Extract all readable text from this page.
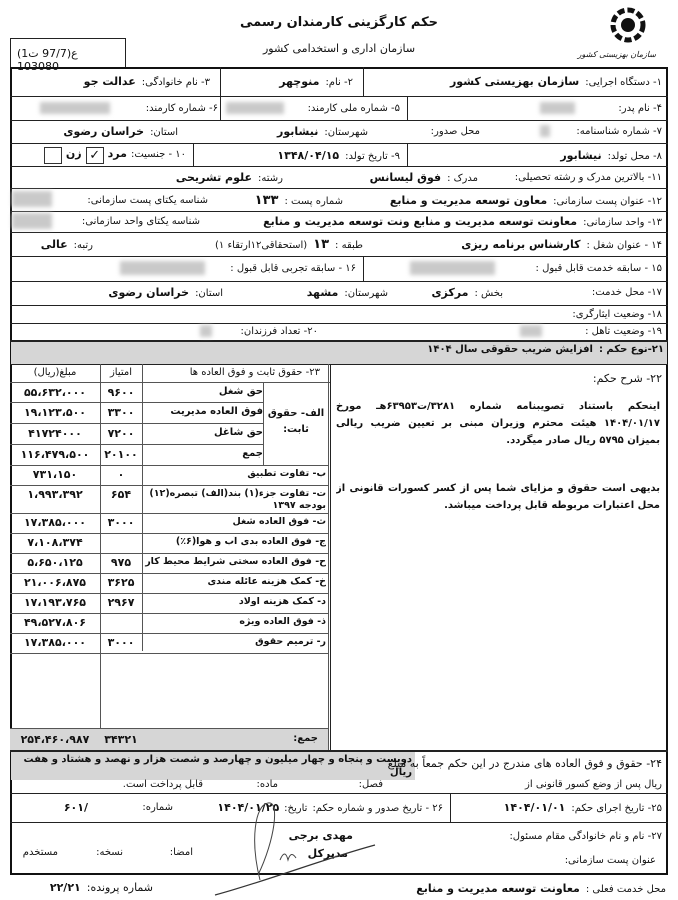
سازمان بهزیستی کشور
حکم کارگزینی کارمندان رسمی
سازمان اداری و استخدامی کشور
ع(97/7 ت1) 103080
۱- دستگاه اجرایی:
سازمان بهزیستی کشور
۲- نام:
منوچهر
۳- نام خانوادگی:
عدالت جو
۴- نام پدر:
۵- شماره ملی کارمند:
۶- شماره کارمند:
۷- شماره شناسنامه:
محل صدور:
شهرستان:
نیشابور
استان:
خراسان رضوی
۸- محل تولد:
نیشابور
۹- تاریخ تولد:
۱۳۴۸/۰۴/۱۵
۱۰ - جنسیت:
مرد
✓
زن
۱۱- بالاترین مدرک و رشته تحصیلی:
مدرک :
فوق لیسانس
رشته:
علوم تشریحی
۱۲- عنوان پست سازمانی:
معاون توسعه مدیریت و منابع
شماره پست :
۱۳۳
شناسه یکتای پست سازمانی:
۱۳- واحد سازمانی:
معاونت توسعه مدیریت و منابع ونت توسعه مدیریت و منابع
شناسه یکتای واحد سازمانی:
۱۴ - عنوان شغل :
کارشناس برنامه ریزی
طبقه :
۱۳
(استحقاقی۱۲ارتقاء ۱)
رتبه:
عالی
۱۵ - سابقه خدمت قابل قبول :
۱۶ - سابقه تجربی قابل قبول :
۱۷- محل خدمت:
بخش :
مرکزی
شهرستان:
مشهد
استان:
خراسان رضوی
۱۸- وضعیت ایثارگری:
۱۹- وضعیت تاهل :
۲۰- تعداد فرزندان:
۲۱-نوع حکم :
افزایش ضریب حقوقی سال ۱۴۰۴
۲۲- شرح حکم:
اینحکم باستناد تصویبنامه شماره ۳۲۸۱/ت۶۳۹۵۳هـ مورخ ۱۴۰۴/۰۱/۱۷ هیئت محترم وزیران مبنی بر تعیین ضریب ریالی بمیزان ۵۷۹۵ ریال صادر میگردد.
بدیهی است حقوق و مزایای شما پس از کسر کسورات قانونی از محل اعتبارات مربوطه قابل پرداخت میباشد.
۲۳- حقوق ثابت و فوق العاده ها
امتیاز
مبلغ(ریال)
الف- حقوق ثابت:
حق شغل
۹۶۰۰
۵۵،۶۳۲،۰۰۰
فوق العاده مدیریت
۳۳۰۰
۱۹،۱۲۳،۵۰۰
حق شاغل
۷۲۰۰
۴۱۷۲۴۰۰۰
جمع
۲۰۱۰۰
۱۱۶،۴۷۹،۵۰۰
ب- تفاوت تطبیق
۰
۷۳۱،۱۵۰
ت- تفاوت جزء(۱) بند(الف) تبصره(۱۲) بودجه ۱۳۹۷
۶۵۴
۱،۹۹۳،۳۹۲
ث- فوق العاده شغل
۳۰۰۰
۱۷،۳۸۵،۰۰۰
ج- فوق العاده بدی آب و هوا(۶٪)
۷،۱۰۸،۳۷۴
ح- فوق العاده سختی شرایط محیط کار
۹۷۵
۵،۶۵۰،۱۲۵
خ- کمک هزینه عائله مندی
۳۶۲۵
۲۱،۰۰۶،۸۷۵
د- کمک هزینه اولاد
۲۹۶۷
۱۷،۱۹۳،۷۶۵
ذ- فوق العاده ویژه
۴۹،۵۲۷،۸۰۶
ر- ترمیم حقوق
۳۰۰۰
۱۷،۳۸۵،۰۰۰
جمع:
۳۴۳۲۱
۲۵۴،۴۶۰،۹۸۷
۲۴- حقوق و فوق العاده های مندرج در این حکم جمعاً به مبلغ
دویست و پنجاه و چهار میلیون و چهارصد و شصت هزار و نهصد و هشتاد و هفت ریال
ریال پس از وضع کسور قانونی از
فصل:
ماده:
قابل پرداخت است.
۲۵- تاریخ اجرای حکم:
۱۴۰۴/۰۱/۰۱
۲۶ - تاریخ صدور و شماره حکم:
تاریخ:
۱۴۰۴/۰۱/۲۵
شماره:
/۶۰۱
۲۷- نام و نام خانوادگی مقام مسئول:
مهدی برجی
عنوان پست سازمانی:
مدیرکل
امضا:
نسخه:
مستخدم
محل خدمت فعلی :
معاونت توسعه مدیریت و منابع
شماره پرونده:
۲۲/۲۱
